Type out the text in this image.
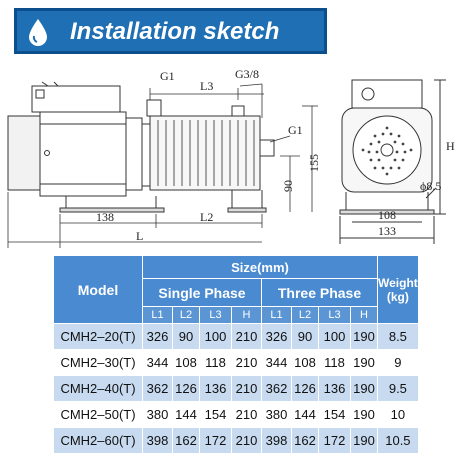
Installation sketch
G1	G3/8
L3
G1
155
90
138	L2
L
H
ϕ8.5
108
133
Model	Size(mm)								Weight
(kg)

	Single Phase				Three Phase				
	L1	L2	L3	H	L1	L2	L3	H	
CMH2–20(T)	326	90	100	210	326	90	100	190	8.5
CMH2–30(T)	344	108	118	210	344	108	118	190	9
CMH2–40(T)	362	126	136	210	362	126	136	190	9.5
CMH2–50(T)	380	144	154	210	380	144	154	190	10
CMH2–60(T)	398	162	172	210	398	162	172	190	10.5
